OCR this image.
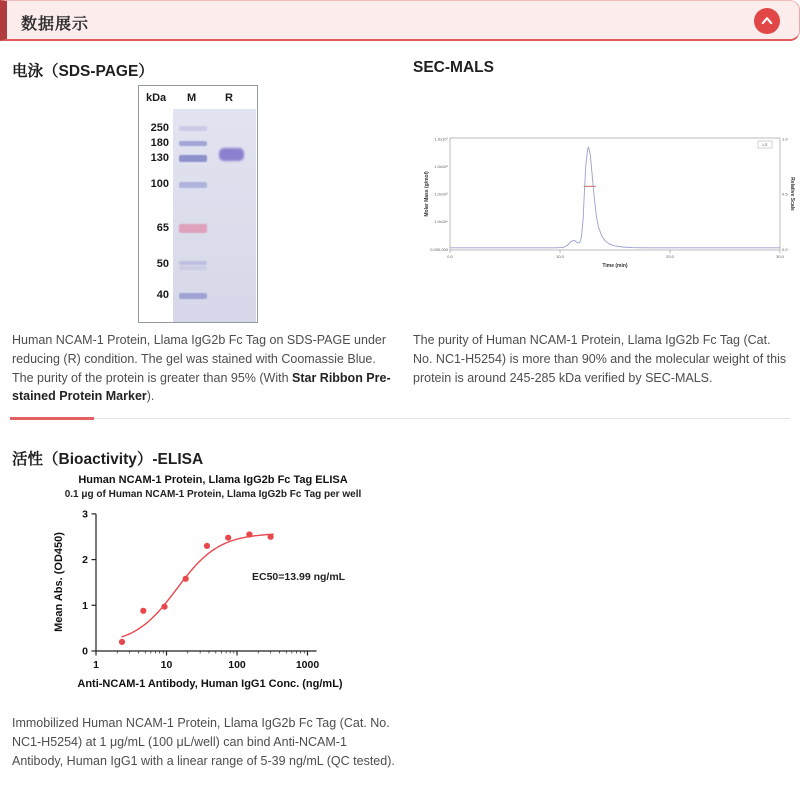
数据展示
电泳（SDS-PAGE）
kDa M	R
250
180
130
100
65
50
40

Human NCAM-1 Protein, Llama IgG2b Fc Tag on SDS-PAGE under reducing (R) condition. The gel was stained with Coomassie Blue. The purity of the protein is greater than 95% (With Star Ribbon Pre-stained Protein Marker).

SEC-MALS
1.0x10⁷
1.0x10⁶
1.0x10⁵
1.0x10⁴
0.000,000
1.0
0.5
0.0
0.0	10.0	20.0	30.0
Molar Mass (g/mol)	Relative Scale
Time (min)
LS

The purity of Human NCAM-1 Protein, Llama IgG2b Fc Tag (Cat. No. NC1-H5254) is more than 90% and the molecular weight of this protein is around 245-285 kDa verified by SEC-MALS.

活性（Bioactivity）-ELISA
Human NCAM-1 Protein, Llama IgG2b Fc Tag ELISA
0.1 μg of Human NCAM-1 Protein, Llama IgG2b Fc Tag per well
Mean Abs. (OD450)
Anti-NCAM-1 Antibody, Human IgG1 Conc. (ng/mL)
EC50=13.99 ng/mL
0
1
2
3
1	10	100	1000

Immobilized Human NCAM-1 Protein, Llama IgG2b Fc Tag (Cat. No. NC1-H5254) at 1 μg/mL (100 μL/well) can bind Anti-NCAM-1 Antibody, Human IgG1 with a linear range of 5-39 ng/mL (QC tested).
